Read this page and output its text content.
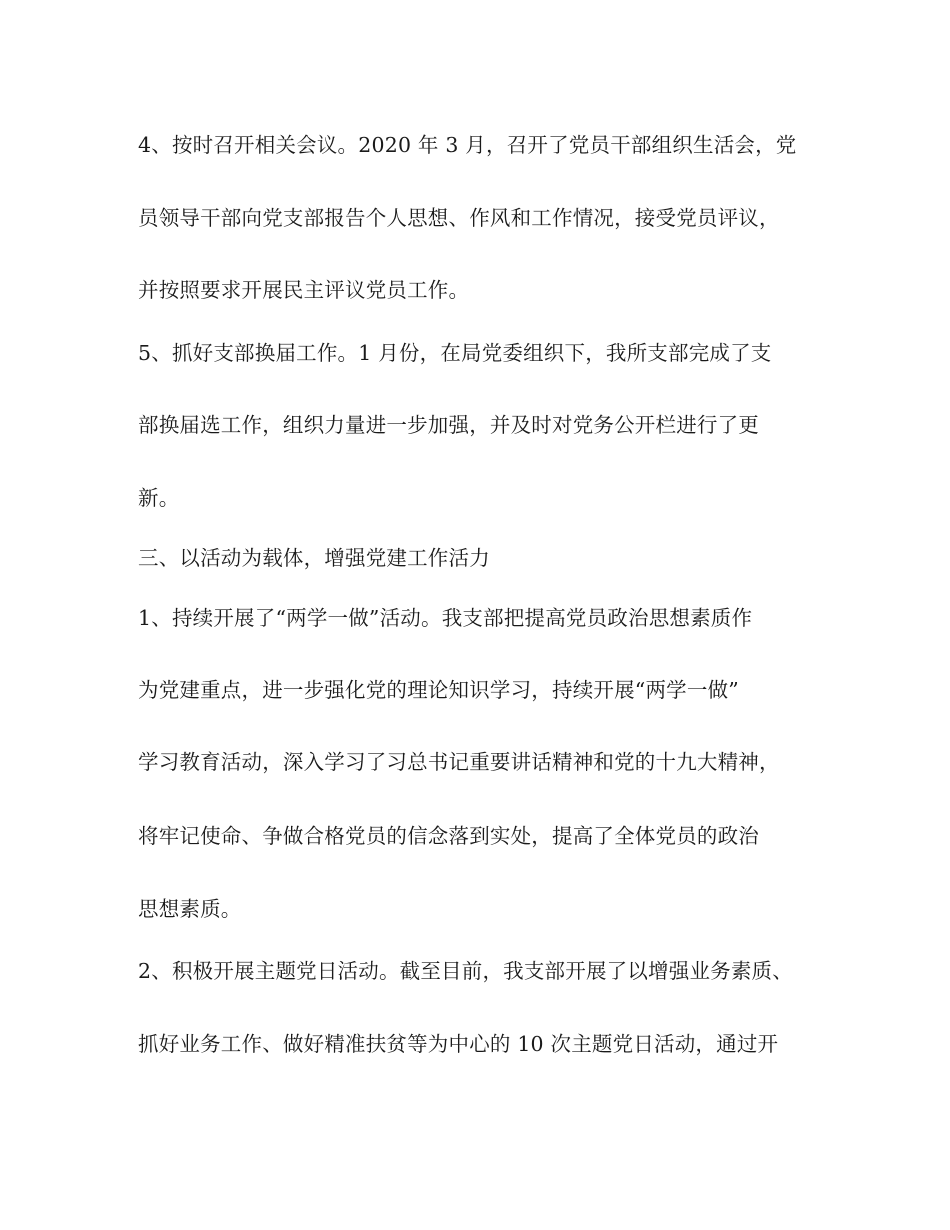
4、按时召开相关会议。2020 年 3 月，召开了党员干部组织生活会，党

员领导干部向党支部报告个人思想、作风和工作情况，接受党员评议，

并按照要求开展民主评议党员工作。

5、抓好支部换届工作。1 月份，在局党委组织下，我所支部完成了支

部换届选工作，组织力量进一步加强，并及时对党务公开栏进行了更

新。

三、以活动为载体，增强党建工作活力

1、持续开展了“两学一做”活动。我支部把提高党员政治思想素质作

为党建重点，进一步强化党的理论知识学习，持续开展“两学一做”

学习教育活动，深入学习了习总书记重要讲话精神和党的十九大精神，

将牢记使命、争做合格党员的信念落到实处，提高了全体党员的政治

思想素质。

2、积极开展主题党日活动。截至目前，我支部开展了以增强业务素质、

抓好业务工作、做好精准扶贫等为中心的 10 次主题党日活动，通过开
